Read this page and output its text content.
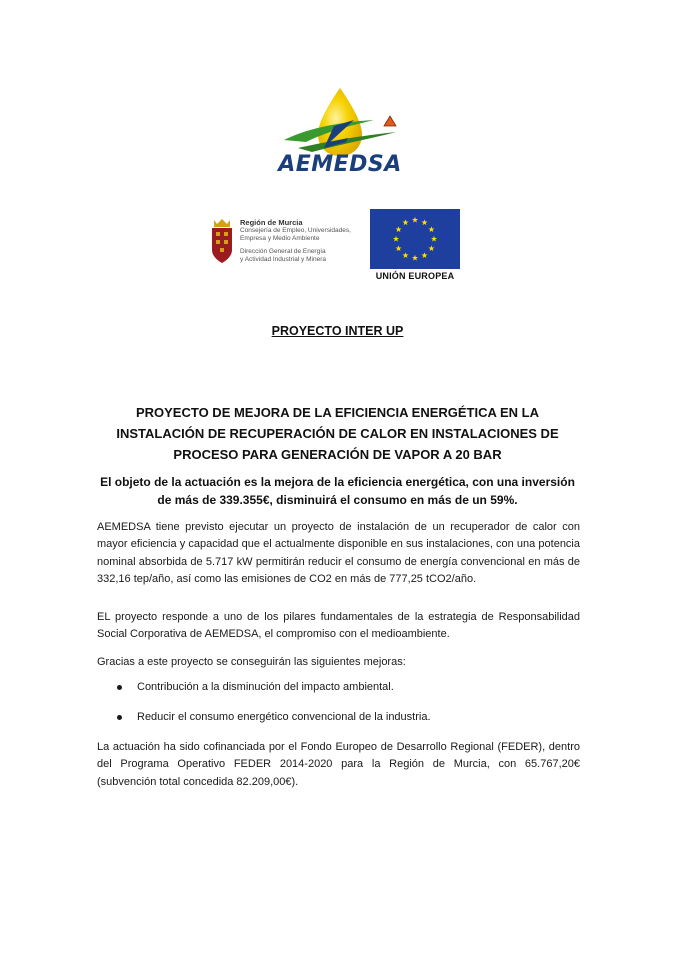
AEMEDSA
Región de Murcia
Consejería de Empleo, Universidades,
Empresa y Medio Ambiente
Dirección General de Energía
y Actividad Industrial y Minera
UNIÓN EUROPEA
PROYECTO INTER UP
PROYECTO DE MEJORA DE LA EFICIENCIA ENERGÉTICA EN LA INSTALACIÓN DE RECUPERACIÓN DE CALOR EN INSTALACIONES DE PROCESO PARA GENERACIÓN DE VAPOR A 20 BAR
El objeto de la actuación es la mejora de la eficiencia energética, con una inversión de más de 339.355€, disminuirá el consumo en más de un 59%.
AEMEDSA tiene previsto ejecutar un proyecto de instalación de un recuperador de calor con mayor eficiencia y capacidad que el actualmente disponible en sus instalaciones, con una potencia nominal absorbida de 5.717 kW permitirán reducir el consumo de energía convencional en más de 332,16 tep/año, así como las emisiones de CO2 en más de 777,25 tCO2/año.
EL proyecto responde a uno de los pilares fundamentales de la estrategia de Responsabilidad Social Corporativa de AEMEDSA, el compromiso con el medioambiente.
Gracias a este proyecto se conseguirán las siguientes mejoras:
Contribución a la disminución del impacto ambiental.
Reducir el consumo energético convencional de la industria.
La actuación ha sido cofinanciada por el Fondo Europeo de Desarrollo Regional (FEDER), dentro del Programa Operativo FEDER 2014-2020 para la Región de Murcia, con 65.767,20€ (subvención total concedida 82.209,00€).
